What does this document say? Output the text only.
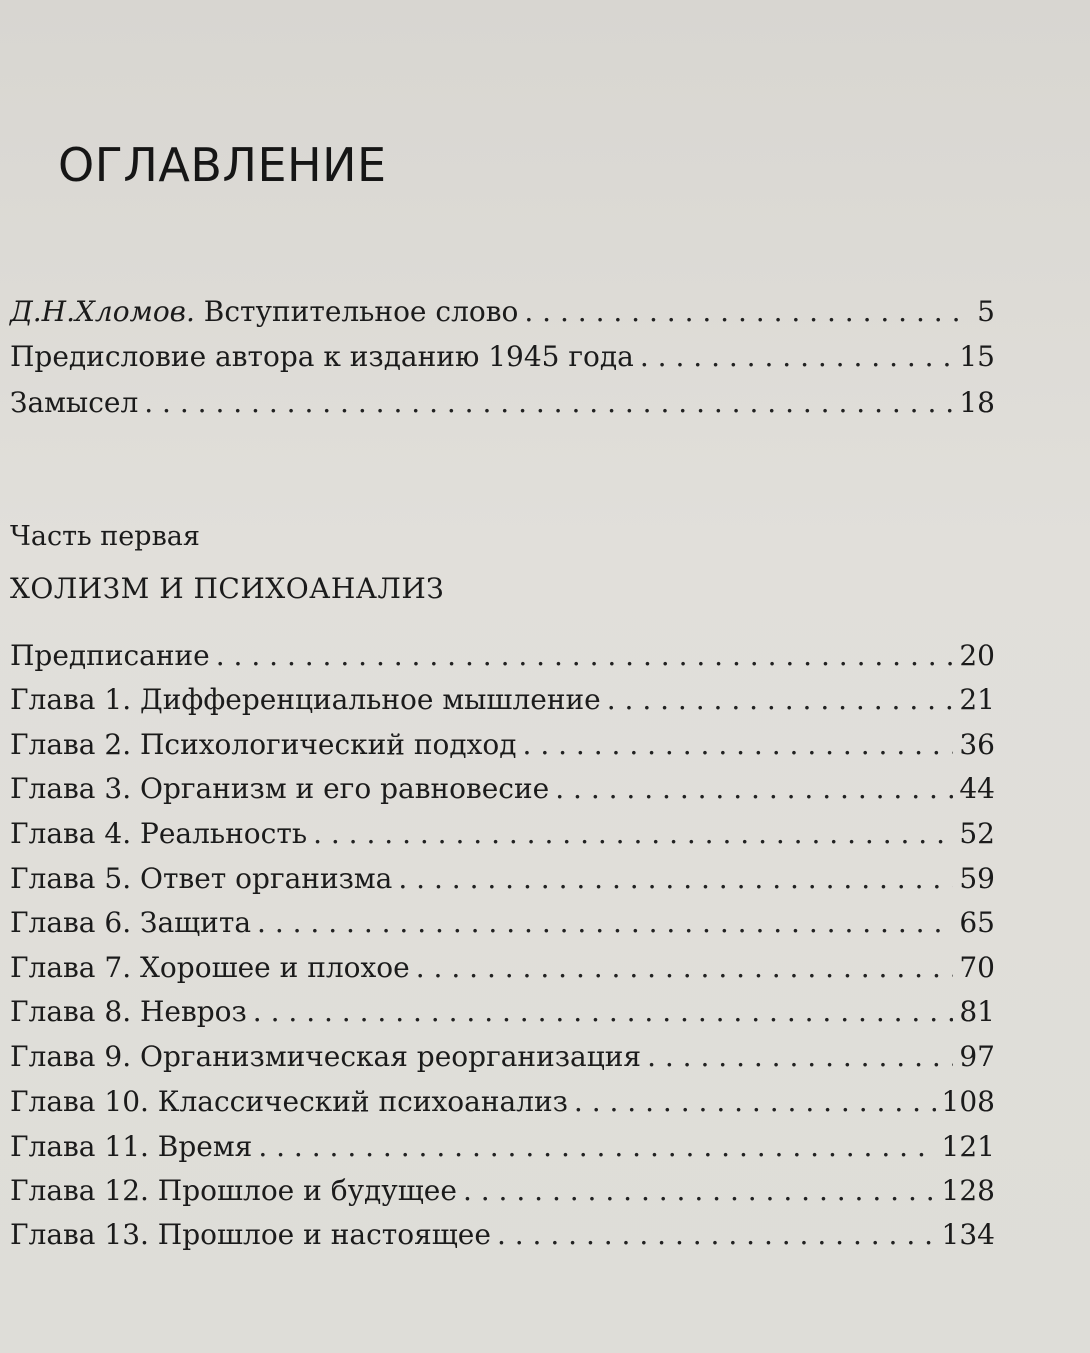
ОГЛАВЛЕНИЕ
Д.Н.Хломов. Вступительное слово . . .	5
Предисловие автора к изданию 1945 года . . .	15
Замысел . . .	18
Часть первая
ХОЛИЗМ И ПСИХОАНАЛИЗ
Предписание . . .	20
Глава 1. Дифференциальное мышление . . .	21
Глава 2. Психологический подход . . .	36
Глава 3. Организм и его равновесие . . .	44
Глава 4. Реальность . . .	52
Глава 5. Ответ организма . . .	59
Глава 6. Защита . . .	65
Глава 7. Хорошее и плохое . . .	70
Глава 8. Невроз . . .	81
Глава 9. Организмическая реорганизация . . .	97
Глава 10. Классический психоанализ . . .	108
Глава 11. Время . . .	121
Глава 12. Прошлое и будущее . . .	128
Глава 13. Прошлое и настоящее . . .	134
